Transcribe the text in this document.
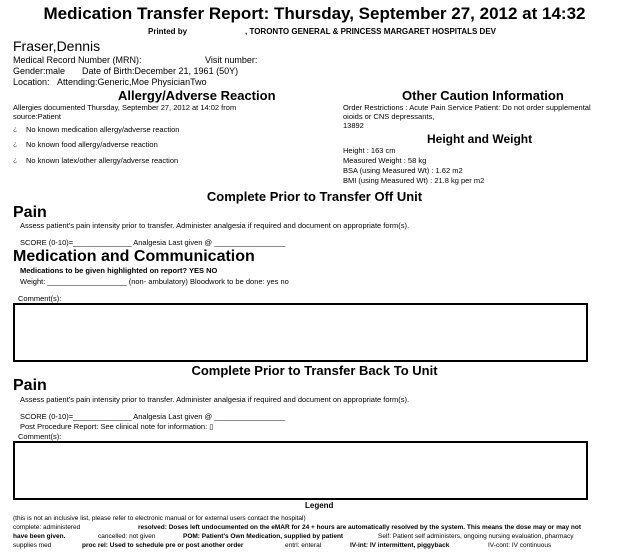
Medication Transfer Report: Thursday, September 27, 2012 at 14:32
Printed by	, TORONTO GENERAL & PRINCESS MARGARET HOSPITALS DEV
Fraser,Dennis
Medical Record Number (MRN):	Visit number:
Gender:male Date of Birth:December 21, 1961 (50Y)
Location: Attending:Generic,Moe PhysicianTwo
Allergy/Adverse Reaction
Allergies documented Thursday, September 27, 2012 at 14:02 from
source:Patient
¿ No known medication allergy/adverse reaction
¿ No known food allergy/adverse reaction
¿ No known latex/other allergy/adverse reaction
Other Caution Information
Order Restrictions : Acute Pain Service Patient: Do not order supplemental
oioids or CNS depressants,
13892
Height and Weight
Height : 163 cm
Measured Weight : 58 kg
BSA (using Measured Wt) : 1.62 m2
BMI (using Measured Wt) : 21.8 kg per m2
Complete Prior to Transfer Off Unit
Pain
Assess patient's pain intensity prior to transfer. Administer analgesia if required and document on appropriate form(s).
SCORE (0-10)=______________ Analgesia Last given @ _________________
Medication and Communication
Medications to be given highlighted on report? YES NO
Weight: ___________________ (non- ambulatory) Bloodwork to be done: yes no
Comment(s):
Complete Prior to Transfer Back To Unit
Pain
Assess patient's pain intensity prior to transfer. Administer analgesia if required and document on appropriate form(s).
SCORE (0-10)=______________ Analgesia Last given @ _________________
Post Procedure Report: See clinical note for information: ▯
Comment(s):
Legend
(this is not an inclusive list, please refer to electronic manual or for external users contact the hospital)
complete: administered	resolved: Doses left undocumented on the eMAR for 24 + hours are automatically resolved by the system. This means the dose may or may not
have been given.	cancelled: not given	POM: Patient's Own Medication, supplied by patient	Self: Patient self administers, ongoing nursing evaluation, pharmacy
supplies med	proc rel: Used to schedule pre or post another order	entrl: enteral	IV-int: IV intermittent, piggyback	IV-cont: IV continuous
